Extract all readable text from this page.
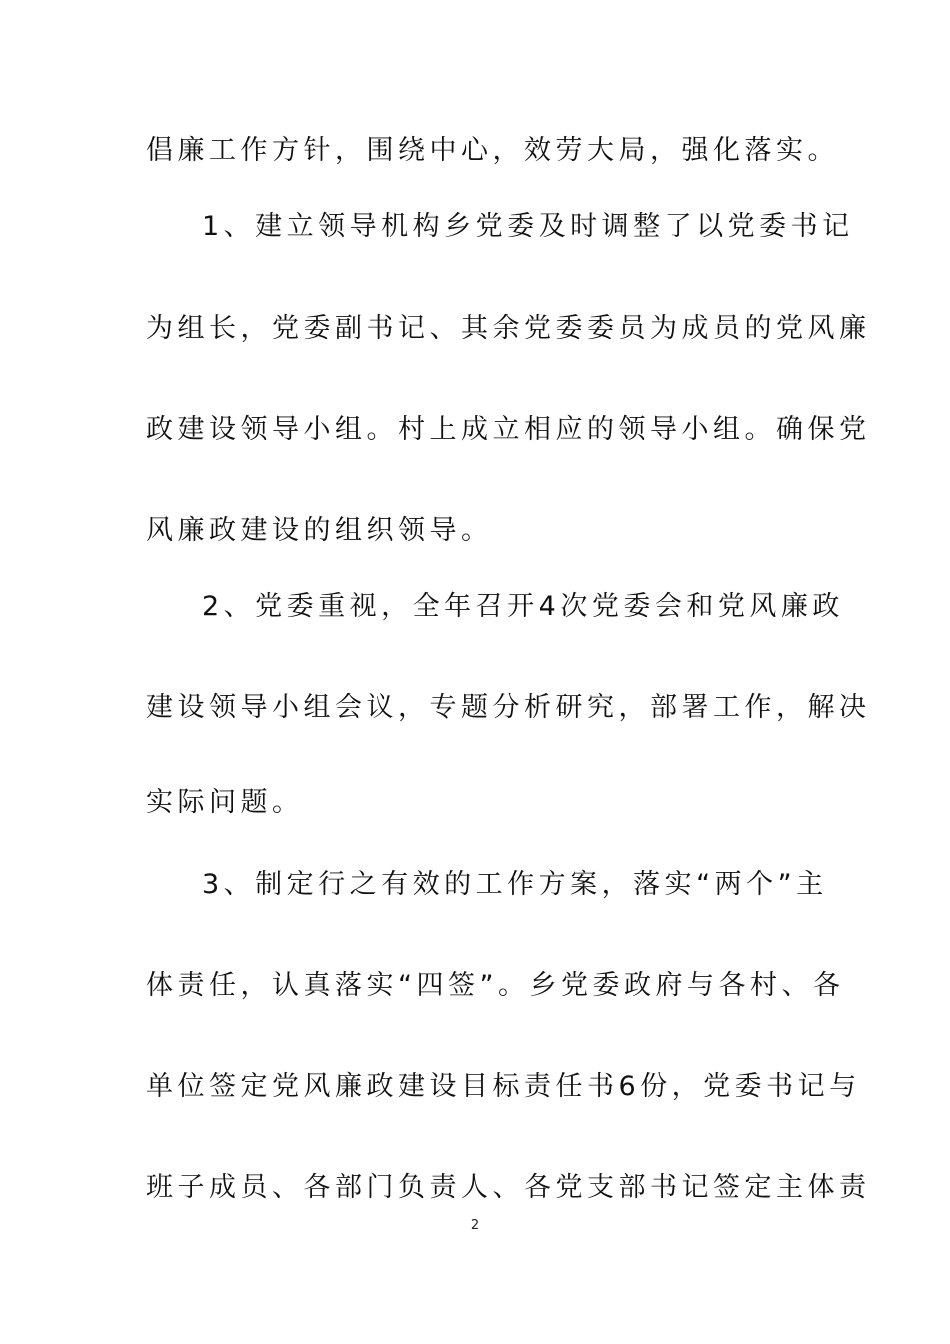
倡廉工作方针，围绕中心，效劳大局，强化落实。
1、建立领导机构乡党委及时调整了以党委书记
为组长，党委副书记、其余党委委员为成员的党风廉
政建设领导小组。村上成立相应的领导小组。确保党
风廉政建设的组织领导。
2、党委重视，全年召开4次党委会和党风廉政
建设领导小组会议，专题分析研究，部署工作，解决
实际问题。
3、制定行之有效的工作方案，落实“两个”主
体责任，认真落实“四签”。乡党委政府与各村、各
单位签定党风廉政建设目标责任书6份，党委书记与
班子成员、各部门负责人、各党支部书记签定主体责
2
